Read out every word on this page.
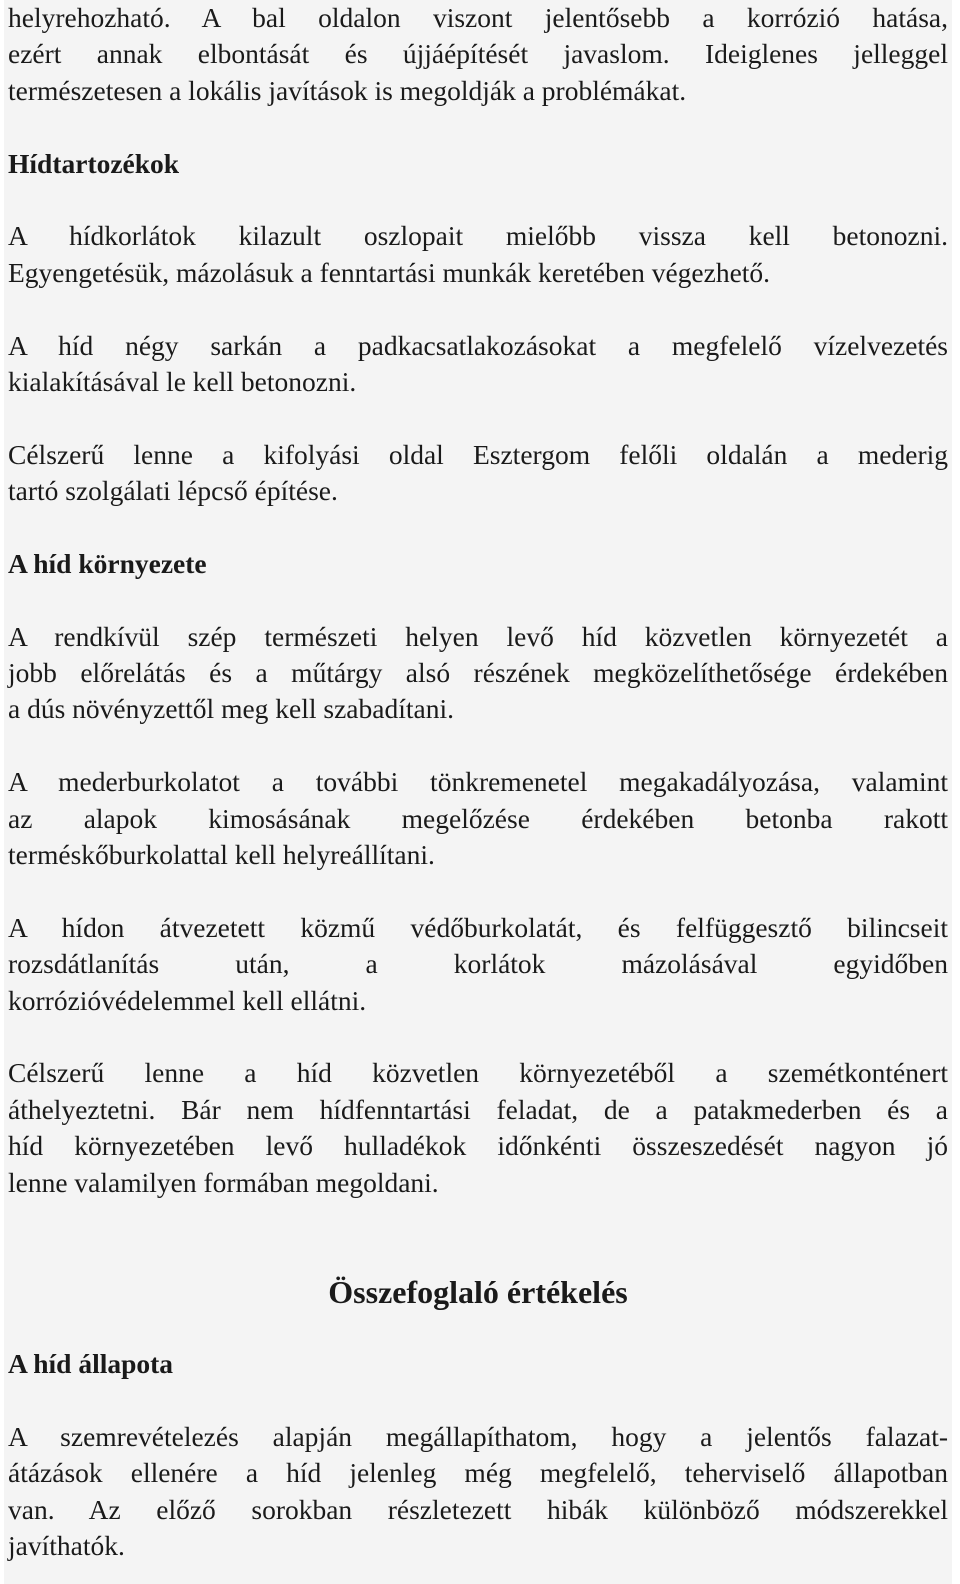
helyrehozható. A bal oldalon viszont jelentősebb a korrózió hatása,
ezért annak elbontását és újjáépítését javaslom. Ideiglenes jelleggel
természetesen a lokális javítások is megoldják a problémákat.
Hídtartozékok
A hídkorlátok kilazult oszlopait mielőbb vissza kell betonozni.
Egyengetésük, mázolásuk a fenntartási munkák keretében végezhető.
A híd négy sarkán a padkacsatlakozásokat a megfelelő vízelvezetés
kialakításával le kell betonozni.
Célszerű lenne a kifolyási oldal Esztergom felőli oldalán a mederig
tartó szolgálati lépcső építése.
A híd környezete
A rendkívül szép természeti helyen levő híd közvetlen környezetét a
jobb előrelátás és a műtárgy alsó részének megközelíthetősége érdekében
a dús növényzettől meg kell szabadítani.
A mederburkolatot a további tönkremenetel megakadályozása, valamint
az alapok kimosásának megelőzése érdekében betonba rakott
terméskőburkolattal kell helyreállítani.
A hídon átvezetett közmű védőburkolatát, és felfüggesztő bilincseit
rozsdátlanítás után, a korlátok mázolásával egyidőben
korrózióvédelemmel kell ellátni.
Célszerű lenne a híd közvetlen környezetéből a szemétkonténert
áthelyeztetni. Bár nem hídfenntartási feladat, de a patakmederben és a
híd környezetében levő hulladékok időnkénti összeszedését nagyon jó
lenne valamilyen formában megoldani.
Összefoglaló értékelés
A híd állapota
A szemrevételezés alapján megállapíthatom, hogy a jelentős falazat-
átázások ellenére a híd jelenleg még megfelelő, teherviselő állapotban
van. Az előző sorokban részletezett hibák különböző módszerekkel
javíthatók.
